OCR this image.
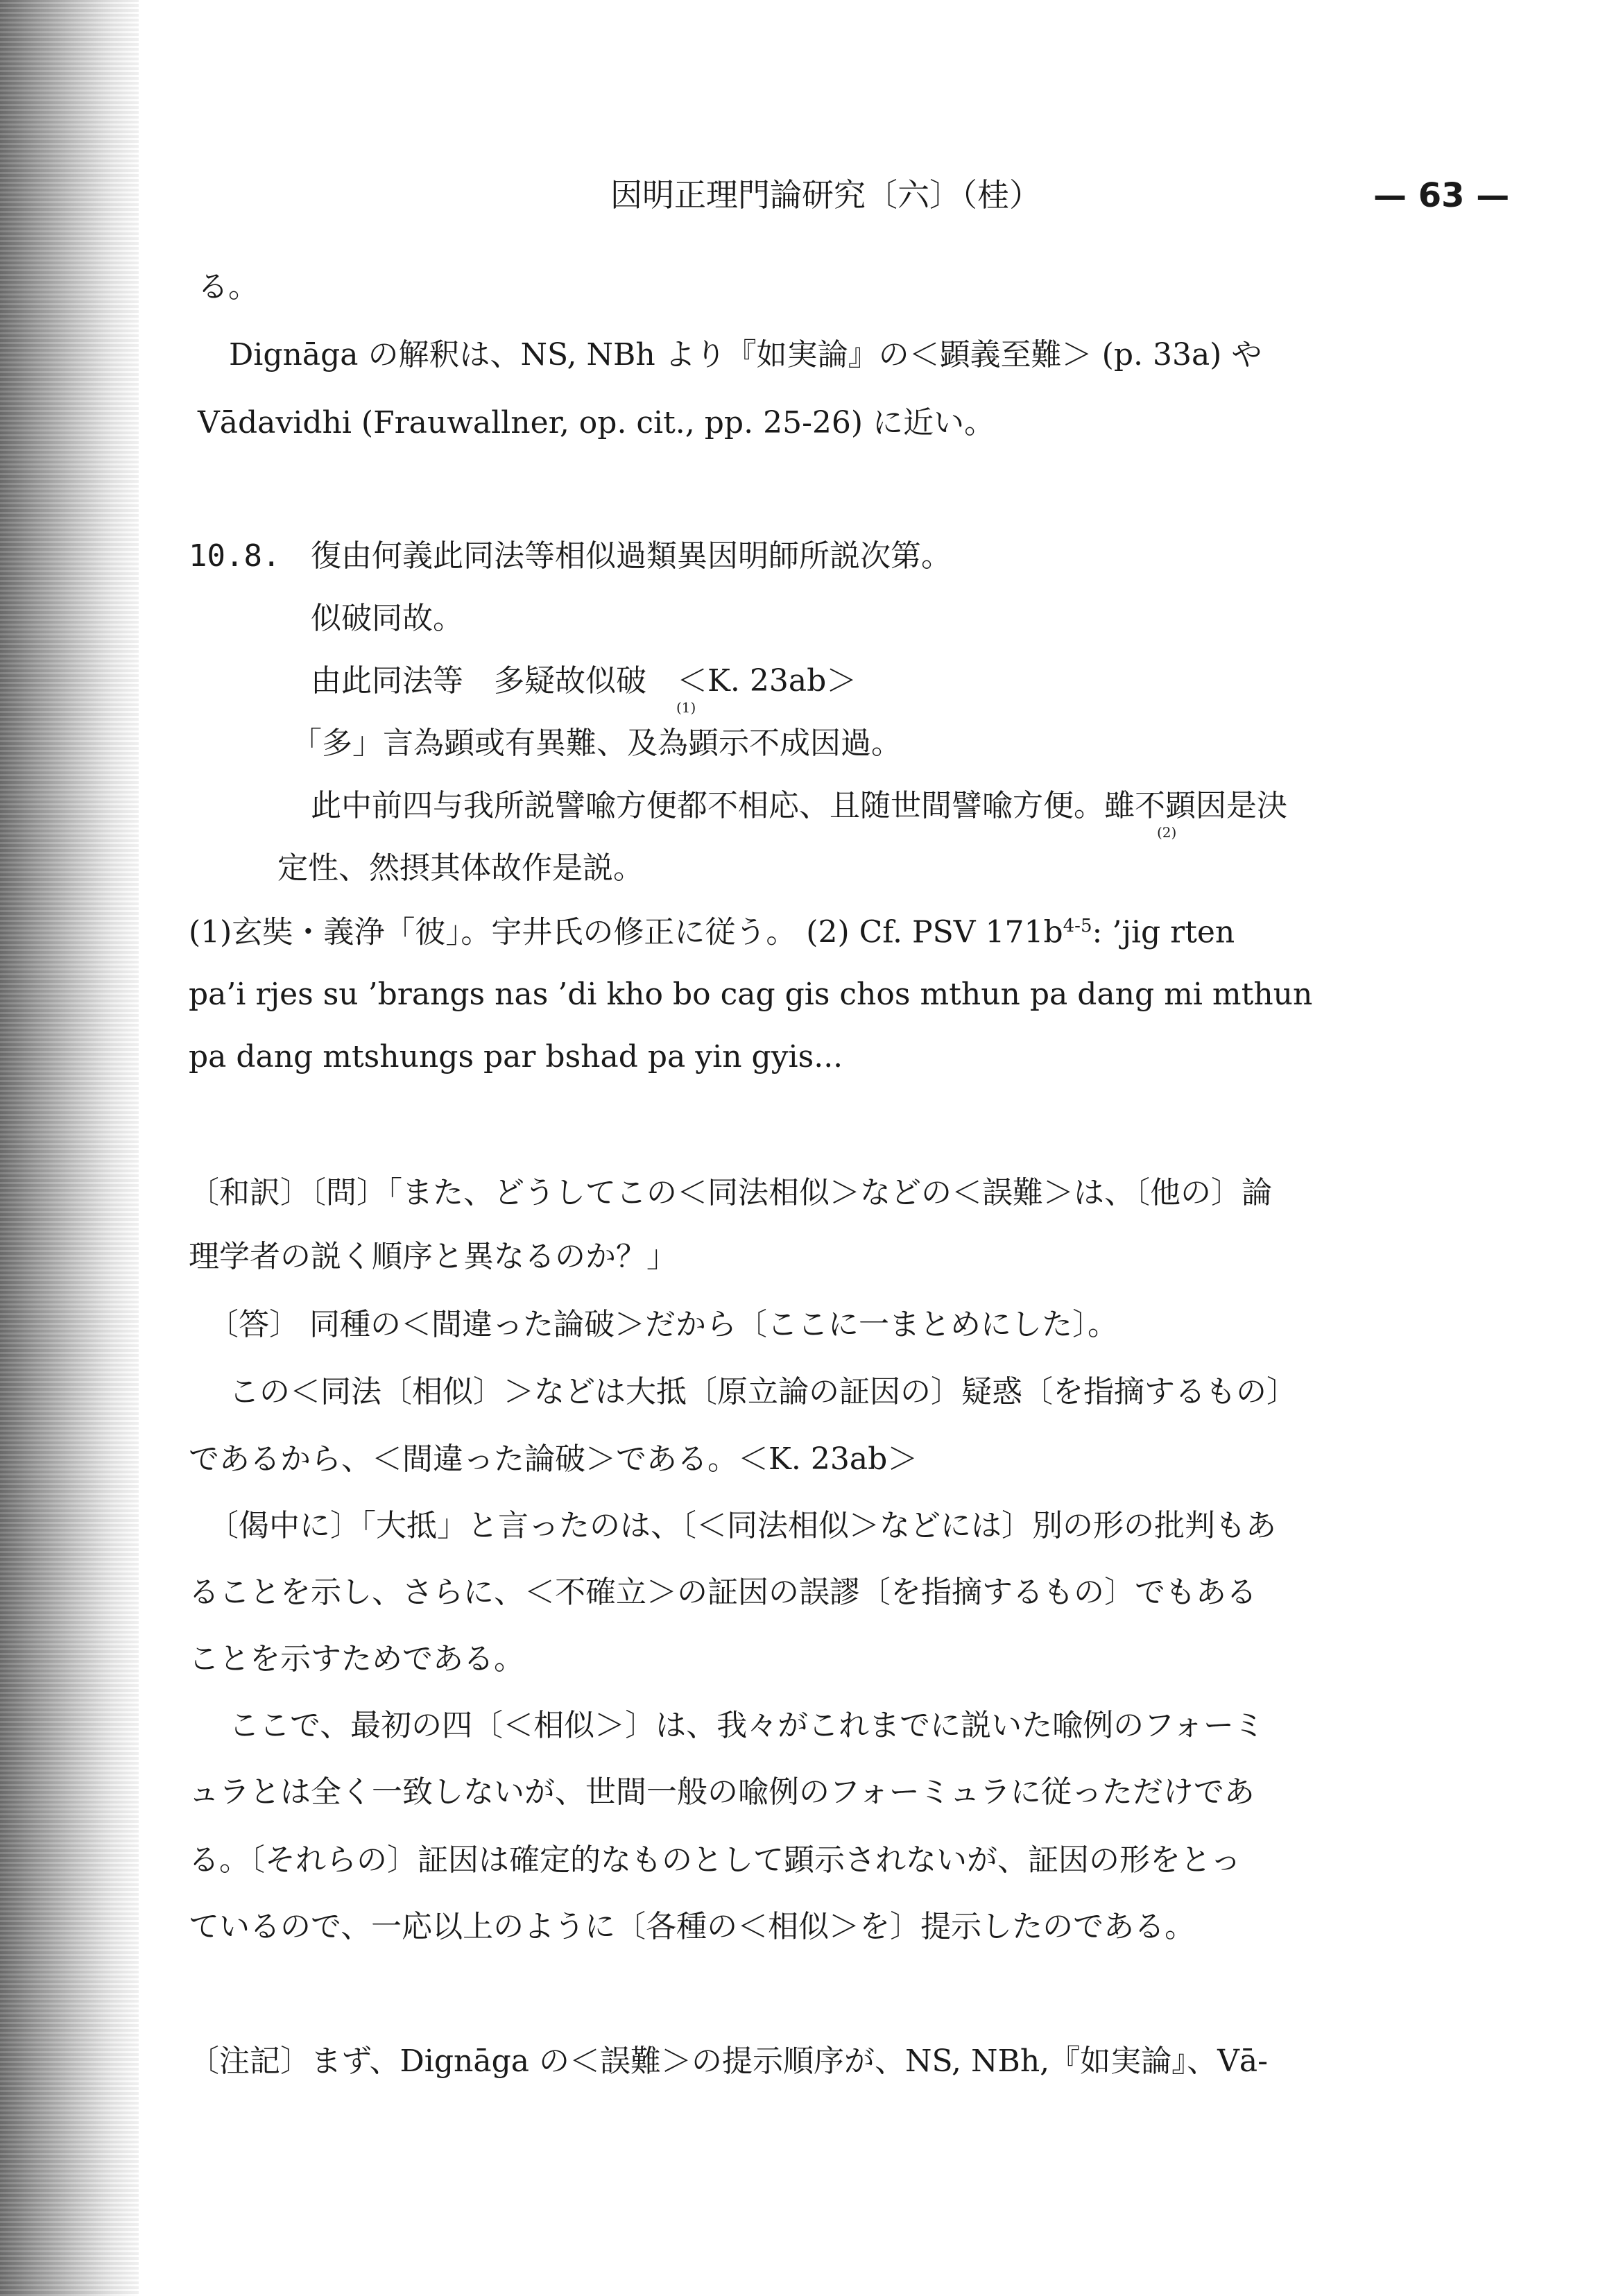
因明正理門論研究〔六〕（桂）	— 63 —
る。
Dignāga の解釈は、NS, NBh より『如実論』の＜顕義至難＞ (p. 33a) や
Vādavidhi (Frauwallner, op. cit., pp. 25-26) に近い。
10.8. 復由何義此同法等相似過類異因明師所説次第。
似破同故。
由此同法等　多疑故似破　＜K. 23ab＞
(1)
「多」言為顕或有異難、及為顕示不成因過。
此中前四与我所説譬喩方便都不相応、且随世間譬喩方便。雖不顕因是決
(2)
定性、然摂其体故作是説。
(1)玄奘・義浄「彼」。宇井氏の修正に従う。 (2) Cf. PSV $171b^{4-5}$: ’jig rten
pa’i rjes su ’brangs nas ’di kho bo cag gis chos mthun pa dang mi mthun
pa dang mtshungs par bshad pa yin gyis...
〔和訳〕〔問〕「また、どうしてこの＜同法相似＞などの＜誤難＞は、〔他の〕論
理学者の説く順序と異なるのか？」
〔答〕 同種の＜間違った論破＞だから〔ここに一まとめにした〕。
この＜同法〔相似〕＞などは大抵〔原立論の証因の〕疑惑〔を指摘するもの〕
であるから、＜間違った論破＞である。＜K. 23ab＞
〔偈中に〕「大抵」と言ったのは、〔＜同法相似＞などには〕別の形の批判もあ
ることを示し、さらに、＜不確立＞の証因の誤謬〔を指摘するもの〕でもある
ことを示すためである。
ここで、最初の四〔＜相似＞〕は、我々がこれまでに説いた喩例のフォーミ
ュラとは全く一致しないが、世間一般の喩例のフォーミュラに従っただけであ
る。〔それらの〕証因は確定的なものとして顕示されないが、証因の形をとっ
ているので、一応以上のように〔各種の＜相似＞を〕提示したのである。
〔注記〕まず、Dignāga の＜誤難＞の提示順序が、NS, NBh,『如実論』、Vā-
